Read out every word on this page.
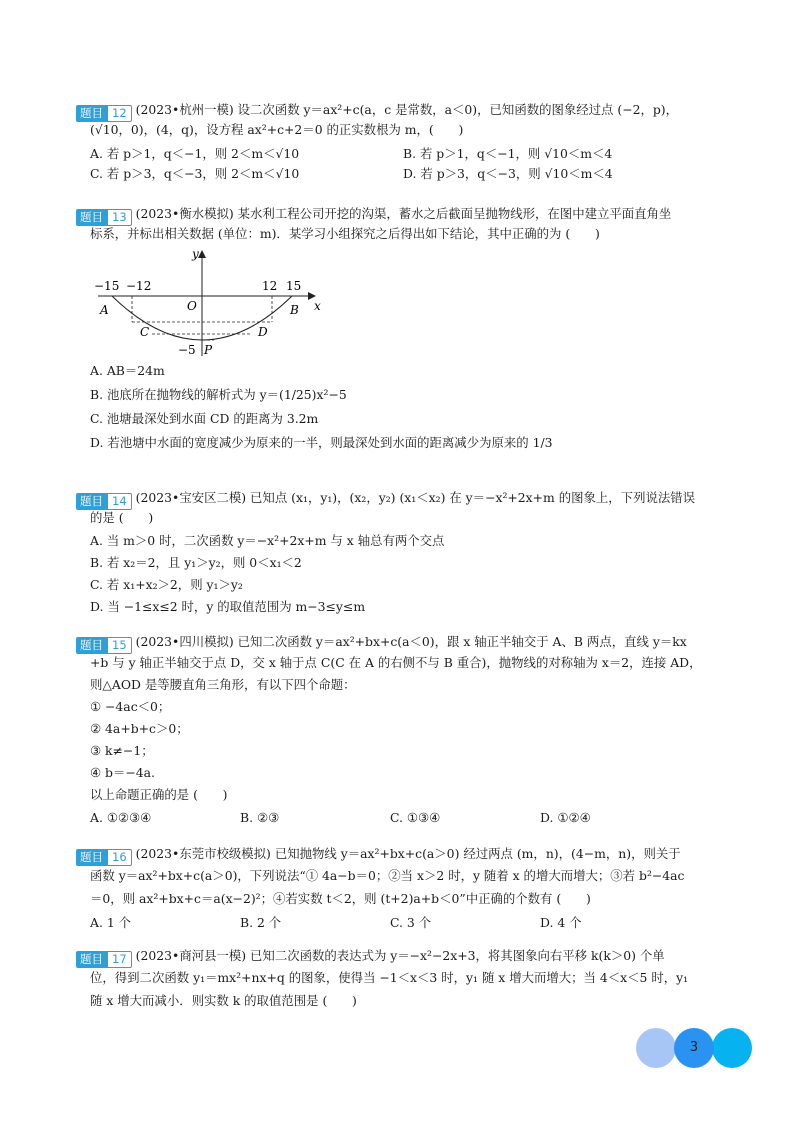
题目 12 (2023•杭州一模) 设二次函数 y＝ax²+c(a，c 是常数，a＜0)，已知函数的图象经过点 (−2，p)，
(√10，0)，(4，q)，设方程 ax²+c+2＝0 的正实数根为 m，(　　)
A. 若 p＞1，q＜−1，则 2＜m＜√10	B. 若 p＞1，q＜−1，则 √10＜m＜4
C. 若 p＞3，q＜−3，则 2＜m＜√10	D. 若 p＞3，q＜−3，则 √10＜m＜4
题目 13 (2023•衡水模拟) 某水利工程公司开挖的沟渠，蓄水之后截面呈抛物线形，在图中建立平面直角坐
标系，并标出相关数据 (单位：m)．某学习小组探究之后得出如下结论，其中正确的为 (　　)
y
x
−15 −12	12 15
O
A	B
C	D
−5 P
A. AB＝24m
B. 池底所在抛物线的解析式为 y＝(1/25)x²−5
C. 池塘最深处到水面 CD 的距离为 3.2m
D. 若池塘中水面的宽度减少为原来的一半，则最深处到水面的距离减少为原来的 1/3
题目 14 (2023•宝安区二模) 已知点 (x₁，y₁)，(x₂，y₂) (x₁＜x₂) 在 y＝−x²+2x+m 的图象上，下列说法错误
的是 (　　)
A. 当 m＞0 时，二次函数 y＝−x²+2x+m 与 x 轴总有两个交点
B. 若 x₂＝2，且 y₁＞y₂，则 0＜x₁＜2
C. 若 x₁+x₂＞2，则 y₁＞y₂
D. 当 −1≤x≤2 时，y 的取值范围为 m−3≤y≤m
题目 15 (2023•四川模拟) 已知二次函数 y＝ax²+bx+c(a＜0)，跟 x 轴正半轴交于 A、B 两点，直线 y＝kx
+b 与 y 轴正半轴交于点 D，交 x 轴于点 C(C 在 A 的右侧不与 B 重合)，抛物线的对称轴为 x＝2，连接 AD，
则△AOD 是等腰直角三角形，有以下四个命题：
① −4ac＜0；
② 4a+b+c＞0；
③ k≠−1；
④ b＝−4a.
以上命题正确的是 (　　)
A. ①②③④	B. ②③	C. ①③④	D. ①②④
题目 16 (2023•东莞市校级模拟) 已知抛物线 y＝ax²+bx+c(a＞0) 经过两点 (m，n)，(4−m，n)，则关于
函数 y＝ax²+bx+c(a＞0)，下列说法“① 4a−b＝0；②当 x＞2 时，y 随着 x 的增大而增大；③若 b²−4ac
＝0，则 ax²+bx+c＝a(x−2)²；④若实数 t＜2，则 (t+2)a+b＜0”中正确的个数有 (　　)
A. 1 个	B. 2 个	C. 3 个	D. 4 个
题目 17 (2023•商河县一模) 已知二次函数的表达式为 y＝−x²−2x+3，将其图象向右平移 k(k＞0) 个单
位，得到二次函数 y₁＝mx²+nx+q 的图象，使得当 −1＜x＜3 时，y₁ 随 x 增大而增大；当 4＜x＜5 时，y₁
随 x 增大而减小．则实数 k 的取值范围是 (　　)
3
